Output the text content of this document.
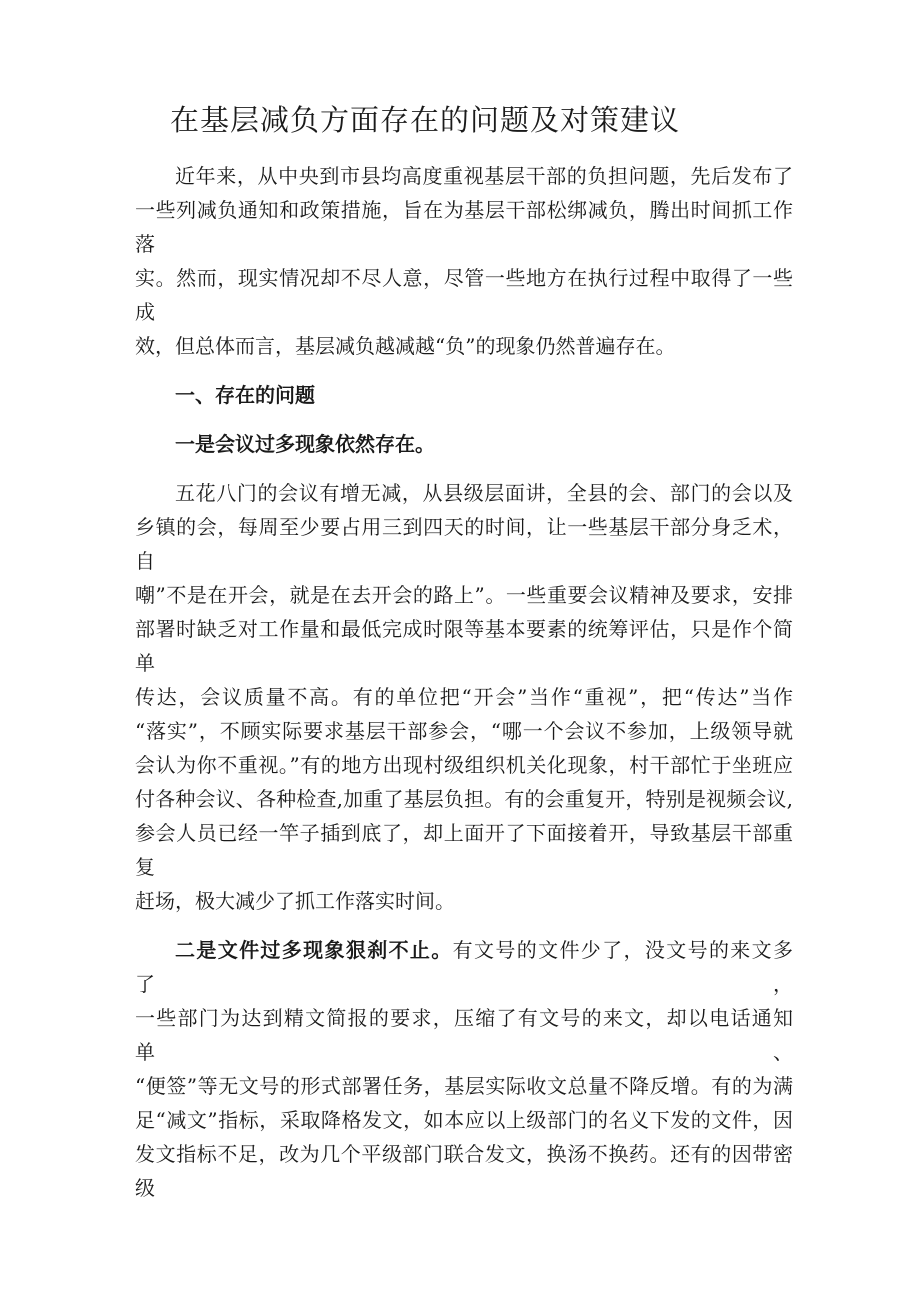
在基层减负方面存在的问题及对策建议
近年来，从中央到市县均高度重视基层干部的负担问题，先后发布了
一些列减负通知和政策措施，旨在为基层干部松绑减负，腾出时间抓工作落
实。然而，现实情况却不尽人意，尽管一些地方在执行过程中取得了一些成
效，但总体而言，基层减负越减越“负”的现象仍然普遍存在。
一、存在的问题
一是会议过多现象依然存在。
五花八门的会议有增无减，从县级层面讲，全县的会、部门的会以及
乡镇的会，每周至少要占用三到四天的时间，让一些基层干部分身乏术，自
嘲”不是在开会，就是在去开会的路上”。一些重要会议精神及要求，安排
部署时缺乏对工作量和最低完成时限等基本要素的统筹评估，只是作个简单
传达，会议质量不高。有的单位把“开会”当作“重视”，把“传达”当作
“落实”，不顾实际要求基层干部参会，“哪一个会议不参加，上级领导就
会认为你不重视。”有的地方出现村级组织机关化现象，村干部忙于坐班应
付各种会议、各种检查,加重了基层负担。有的会重复开，特别是视频会议,
参会人员已经一竿子插到底了，却上面开了下面接着开，导致基层干部重复
赶场，极大减少了抓工作落实时间。
二是文件过多现象狠刹不止。有文号的文件少了，没文号的来文多了，
一些部门为达到精文简报的要求，压缩了有文号的来文，却以电话通知单、
“便签”等无文号的形式部署任务，基层实际收文总量不降反增。有的为满
足“减文”指标，采取降格发文，如本应以上级部门的名义下发的文件，因
发文指标不足，改为几个平级部门联合发文，换汤不换药。还有的因带密级
